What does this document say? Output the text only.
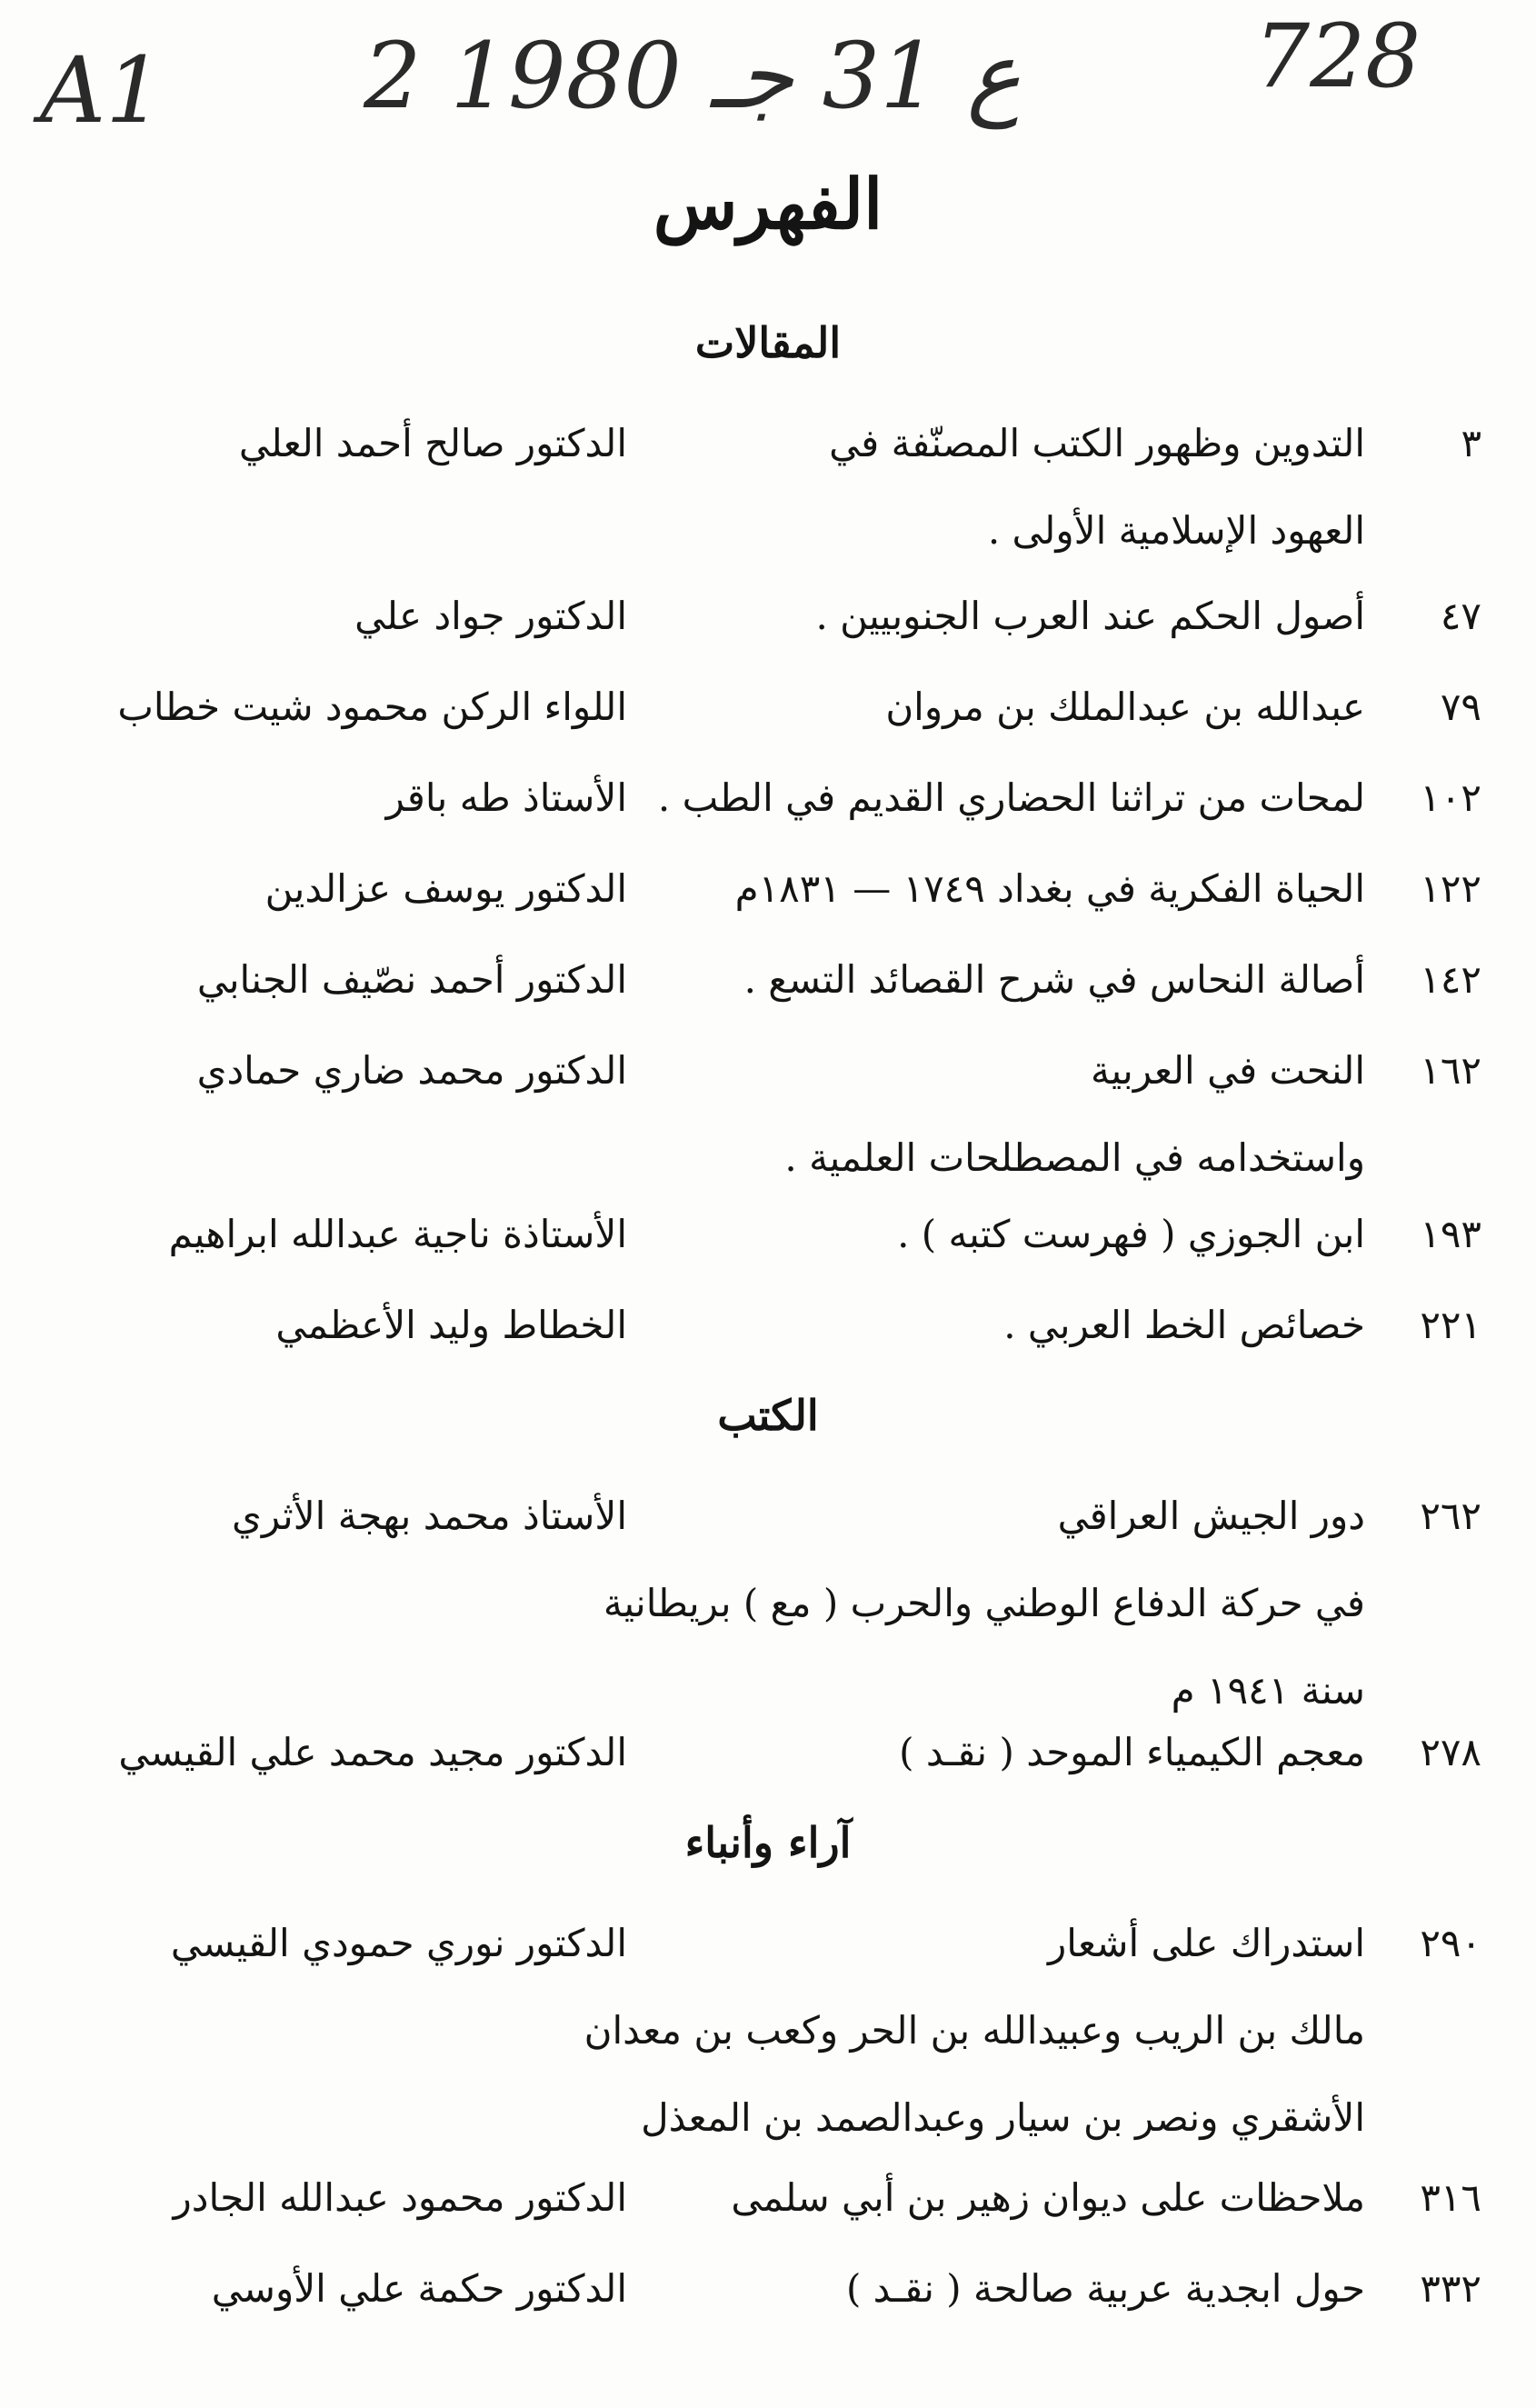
A1 2 ع 31 جـ 1980	728
الفهرس
المقالات
٣
التدوين وظهور الكتب المصنّفة في
العهود الإسلامية الأولى .
الدكتور صالح أحمد العلي
٤٧
أصول الحكم عند العرب الجنوبيين .
الدكتور جواد علي
٧٩
عبدالله بن عبدالملك بن مروان
اللواء الركن محمود شيت خطاب
١٠٢
لمحات من تراثنا الحضاري القديم في الطب .
الأستاذ طه باقر
١٢٢
الحياة الفكرية في بغداد ١٧٤٩ — ١٨٣١م
الدكتور يوسف عزالدين
١٤٢
أصالة النحاس في شرح القصائد التسع .
الدكتور أحمد نصّيف الجنابي
١٦٢
النحت في العربية
واستخدامه في المصطلحات العلمية .
الدكتور محمد ضاري حمادي
١٩٣
ابن الجوزي ( فهرست كتبه ) .
الأستاذة ناجية عبدالله ابراهيم
٢٢١
خصائص الخط العربي .
الخطاط وليد الأعظمي
الكتب
٢٦٢
دور الجيش العراقي
في حركة الدفاع الوطني والحرب ( مع ) بريطانية
سنة ١٩٤١ م
الأستاذ محمد بهجة الأثري
٢٧٨
معجم الكيمياء الموحد ( نقـد )
الدكتور مجيد محمد علي القيسي
آراء وأنباء
٢٩٠
استدراك على أشعار
مالك بن الريب وعبيدالله بن الحر وكعب بن معدان
الأشقري ونصر بن سيار وعبدالصمد بن المعذل
الدكتور نوري حمودي القيسي
٣١٦
ملاحظات على ديوان زهير بن أبي سلمى
الدكتور محمود عبدالله الجادر
٣٣٢
حول ابجدية عربية صالحة ( نقـد )
الدكتور حكمة علي الأوسي
